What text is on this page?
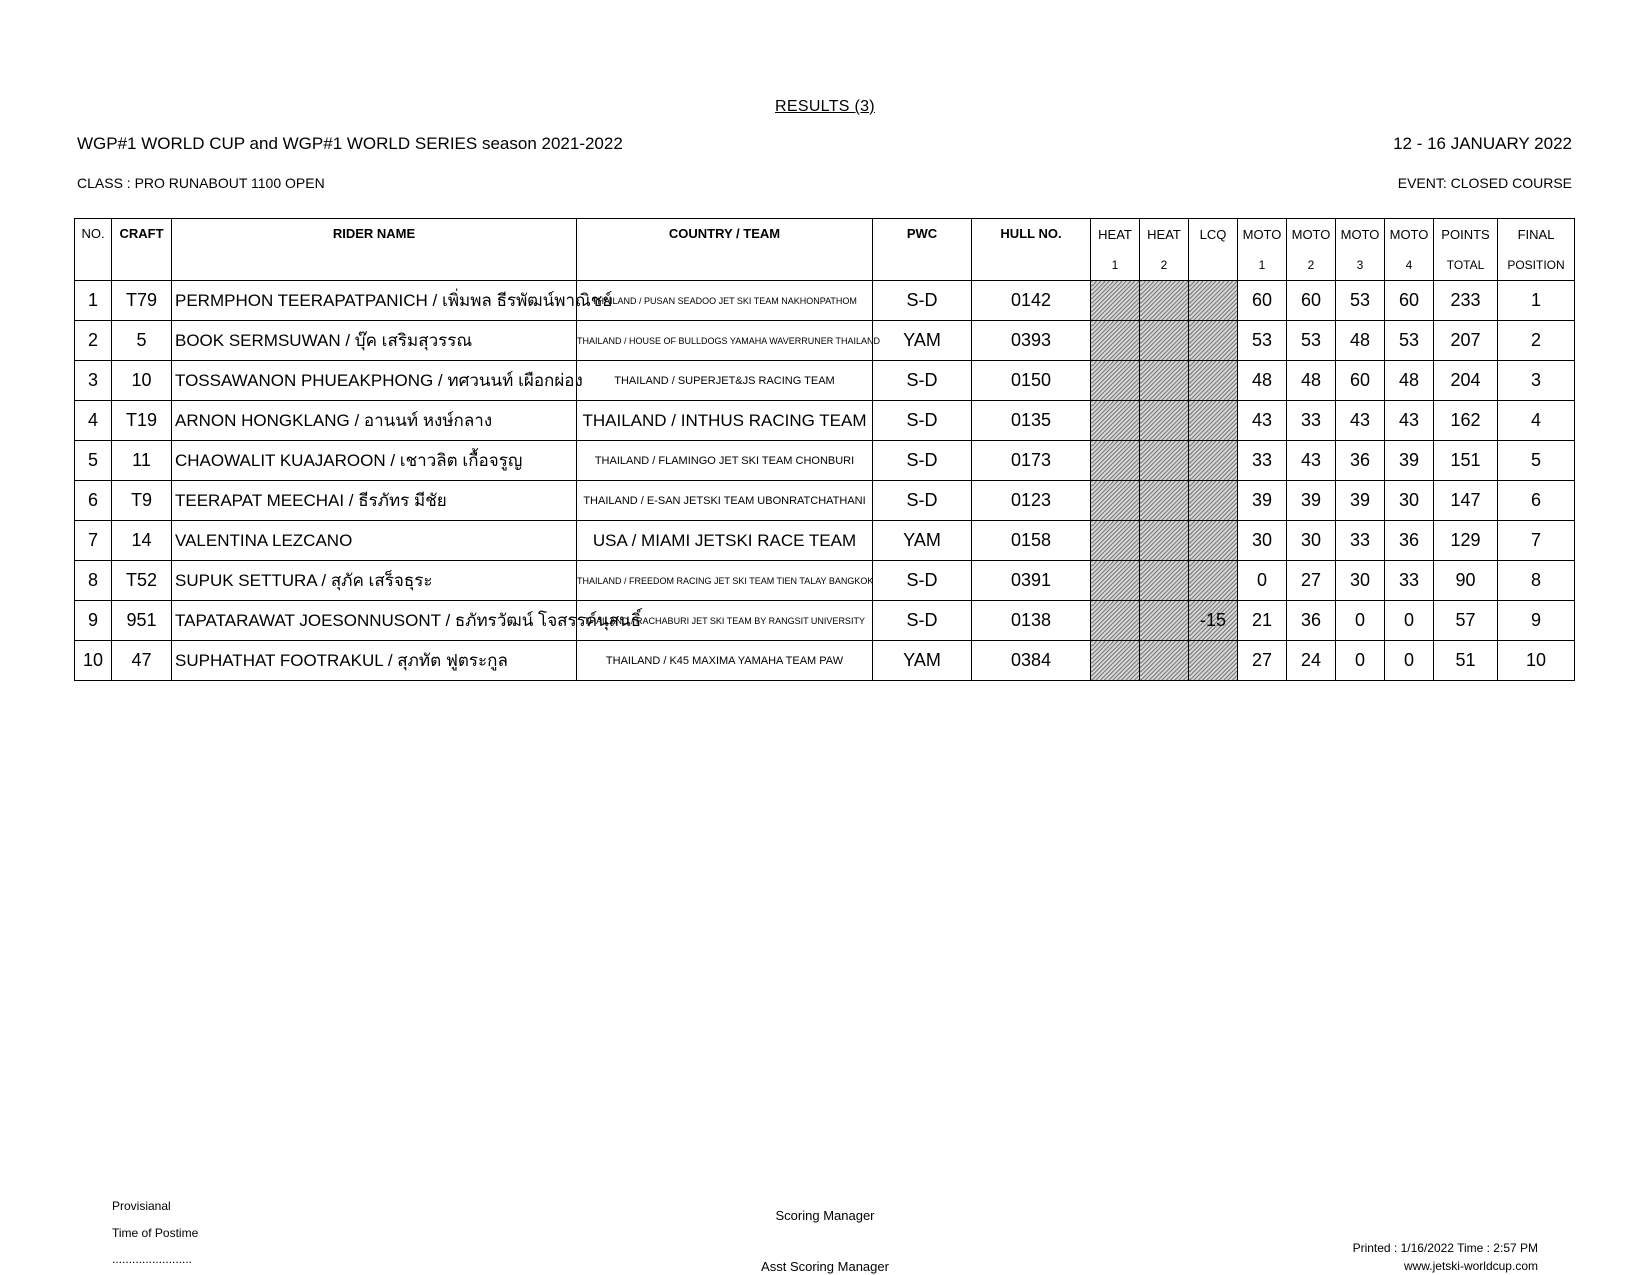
RESULTS (3)
WGP#1 WORLD CUP and WGP#1 WORLD SERIES season 2021-2022	12 - 16 JANUARY 2022
CLASS : PRO RUNABOUT 1100 OPEN	EVENT: CLOSED COURSE
NO.	CRAFT	RIDER NAME	COUNTRY / TEAM	PWC	HULL NO.	HEAT	HEAT	LCQ	MOTO	MOTO	MOTO	MOTO	POINTS	FINAL
						1	2		1	2	3	4	TOTAL	POSITION
1	T79	PERMPHON TEERAPATPANICH / เพิ่มพล ธีรพัฒน์พาณิชย์	THAILAND / PUSAN SEADOO JET SKI TEAM NAKHONPATHOM	S-D	0142				60	60	53	60	233	1
2	5	BOOK SERMSUWAN / บุ๊ค เสริมสุวรรณ	THAILAND / HOUSE OF BULLDOGS YAMAHA WAVERRUNER THAILAND	YAM	0393				53	53	48	53	207	2
3	10	TOSSAWANON PHUEAKPHONG / ทศวนนท์ เผือกผ่อง	THAILAND / SUPERJET&JS RACING TEAM	S-D	0150				48	48	60	48	204	3
4	T19	ARNON HONGKLANG / อานนท์ หงษ์กลาง	THAILAND / INTHUS RACING TEAM	S-D	0135				43	33	43	43	162	4
5	11	CHAOWALIT KUAJAROON / เชาวลิต เกื้อจรูญ	THAILAND / FLAMINGO JET SKI TEAM CHONBURI	S-D	0173				33	43	36	39	151	5
6	T9	TEERAPAT MEECHAI / ธีรภัทร มีชัย	THAILAND / E-SAN JETSKI TEAM UBONRATCHATHANI	S-D	0123				39	39	39	30	147	6
7	14	VALENTINA LEZCANO	USA / MIAMI JETSKI RACE TEAM	YAM	0158				30	30	33	36	129	7
8	T52	SUPUK SETTURA / สุภัค เสร็จธุระ	THAILAND / FREEDOM RACING JET SKI TEAM TIEN TALAY BANGKOK	S-D	0391				0	27	30	33	90	8
9	951	TAPATARAWAT JOESONNUSONT / ธภัทรวัฒน์ โจสรรค์นุสนธิ์	THAILAND / RACHABURI JET SKI TEAM BY RANGSIT UNIVERSITY	S-D	0138			-15	21	36	0	0	57	9
10	47	SUPHATHAT FOOTRAKUL / สุภทัต ฟูตระกูล	THAILAND / K45 MAXIMA YAMAHA TEAM PAW	YAM	0384				27	24	0	0	51	10
Provisianal
Time of Postime
........................
Scoring Manager
Asst Scoring Manager
Printed : 1/16/2022 Time : 2:57 PM
www.jetski-worldcup.com
